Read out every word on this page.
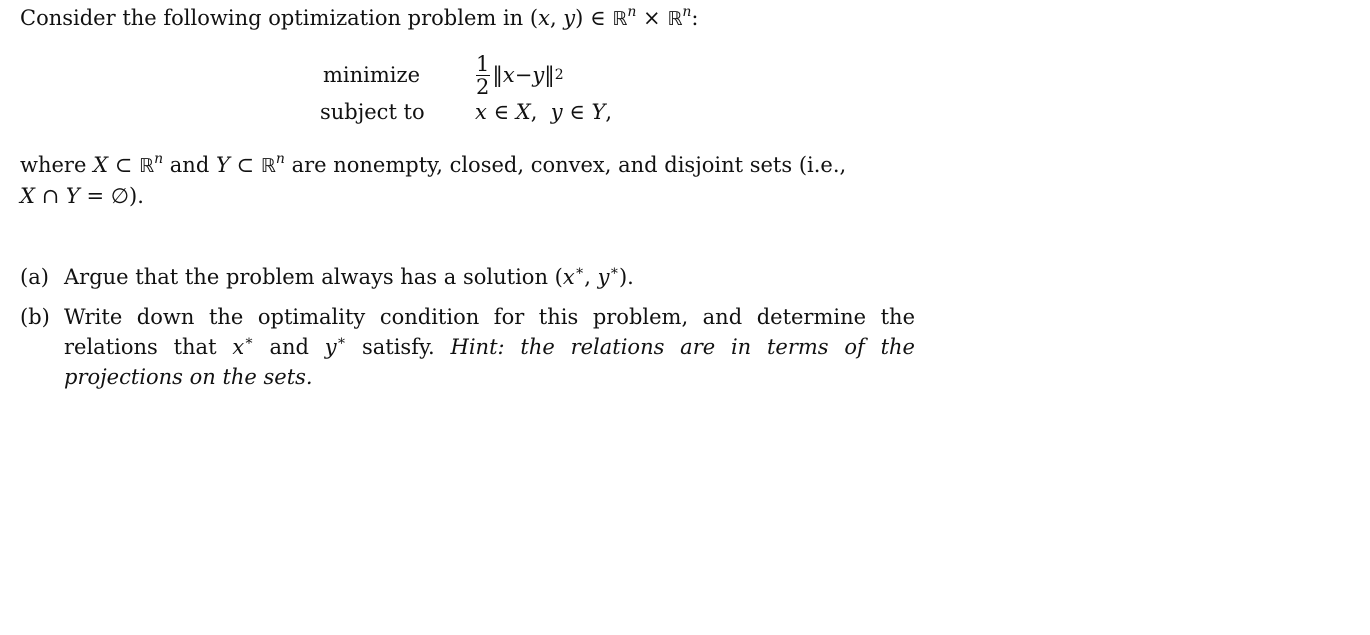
Consider the following optimization problem in (x, y) ∈ ℝ$^n$ × ℝ$^n$:

minimize	$\frac{1}{2}$ ‖ x − y ‖ 2
subject to x ∈ X,  y ∈ Y,

where X ⊂ ℝ$^n$ and Y ⊂ ℝ$^n$ are nonempty, closed, convex, and disjoint sets (i.e.,
X ∩ Y = ∅).

(a) Argue that the problem always has a solution (x∗, y∗).
(b) Write down the optimality condition for this problem, and determine the relations that x∗ and y∗ satisfy. Hint: the relations are in terms of the projections on the sets.
